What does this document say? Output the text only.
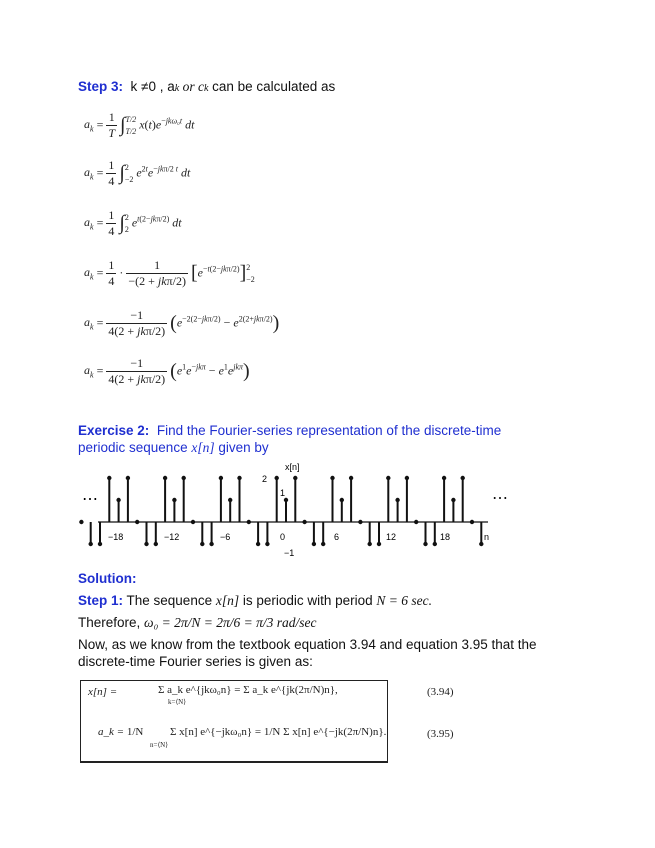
Step 3: k ≠0 , ak or ck can be calculated as
$a_k = \frac{1}{T} \int T/2$
T/2 $x(t)e^{-jk\omega_0t}$ dt
$a_k = \frac{1}{4} \int 2$
−2 $e^{2t}e^{-jk\pi/2 t}$ dt
$a_k = \frac{1}{4} \int 2$
2 $e^{t(2-jk\pi/2)}$ dt
$a_k = \frac{1}{4} \cdot \frac{1}{\text{−(2 + jkπ/2)}} [e^{-t(2-jk\pi/2)}]2$
−2
$a_k = \frac{-1}{\text{4(2 + jkπ/2)}} (e^{-2(2-jk\pi/2)} - e^{2(2+jk\pi/2)})$
$a_k = \frac{-1}{\text{4(2 + jkπ/2)}} (e^1e^{-jk\pi} - e^1e^{jk\pi})$
Exercise 2: Find the Fourier-series representation of the discrete-time
periodic sequence x[n] given by
x[n]
2
1
−1
⋯
−18	−12	−6	0	6	12	18	n
⋯
Solution:
Step 1: The sequence x[n] is periodic with period N = 6 sec.
Therefore, ω₀ = 2π/N = 2π/6 = π/3 rad/sec
Now, as we know from the textbook equation 3.94 and equation 3.95 that the
discrete-time Fourier series is given as:
x[n] =	Σ a_k e^{jkω₀n} = Σ a_k e^{jk(2π/N)n},
k=⟨N⟩
(3.94)
a_k = 1/N Σ x[n] e^{−jkω₀n} = 1/N Σ x[n] e^{−jk(2π/N)n}.
n=⟨N⟩
(3.95)
